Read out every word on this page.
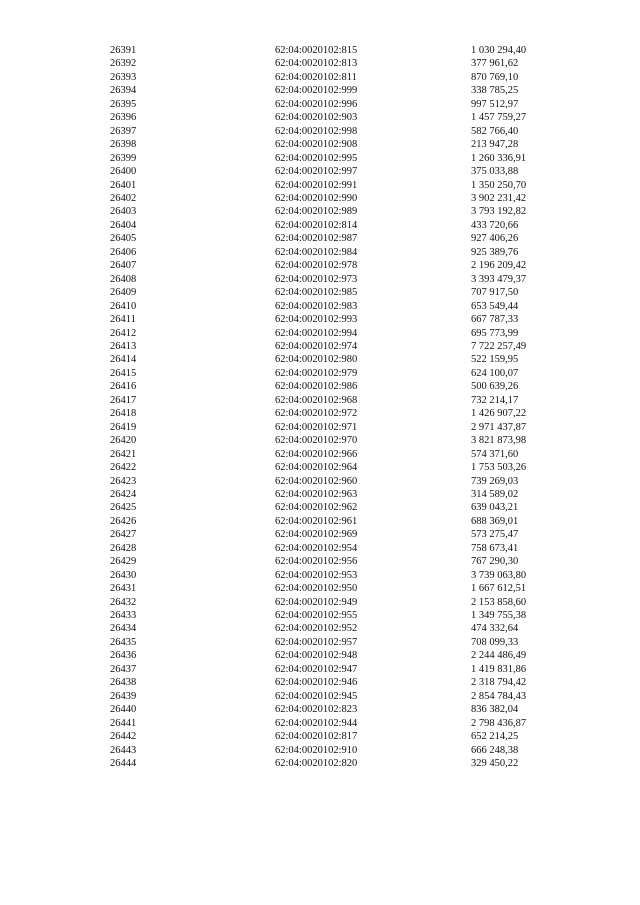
26391	62:04:0020102:815	1 030 294,40
26392	62:04:0020102:813	377 961,62
26393	62:04:0020102:811	870 769,10
26394	62:04:0020102:999	338 785,25
26395	62:04:0020102:996	997 512,97
26396	62:04:0020102:903	1 457 759,27
26397	62:04:0020102:998	582 766,40
26398	62:04:0020102:908	213 947,28
26399	62:04:0020102:995	1 260 336,91
26400	62:04:0020102:997	375 033,88
26401	62:04:0020102:991	1 350 250,70
26402	62:04:0020102:990	3 902 231,42
26403	62:04:0020102:989	3 793 192,82
26404	62:04:0020102:814	433 720,66
26405	62:04:0020102:987	927 406,26
26406	62:04:0020102:984	925 389,76
26407	62:04:0020102:978	2 196 209,42
26408	62:04:0020102:973	3 393 479,37
26409	62:04:0020102:985	707 917,50
26410	62:04:0020102:983	653 549,44
26411	62:04:0020102:993	667 787,33
26412	62:04:0020102:994	695 773,99
26413	62:04:0020102:974	7 722 257,49
26414	62:04:0020102:980	522 159,95
26415	62:04:0020102:979	624 100,07
26416	62:04:0020102:986	500 639,26
26417	62:04:0020102:968	732 214,17
26418	62:04:0020102:972	1 426 907,22
26419	62:04:0020102:971	2 971 437,87
26420	62:04:0020102:970	3 821 873,98
26421	62:04:0020102:966	574 371,60
26422	62:04:0020102:964	1 753 503,26
26423	62:04:0020102:960	739 269,03
26424	62:04:0020102:963	314 589,02
26425	62:04:0020102:962	639 043,21
26426	62:04:0020102:961	688 369,01
26427	62:04:0020102:969	573 275,47
26428	62:04:0020102:954	758 673,41
26429	62:04:0020102:956	767 290,30
26430	62:04:0020102:953	3 739 063,80
26431	62:04:0020102:950	1 667 612,51
26432	62:04:0020102:949	2 153 858,60
26433	62:04:0020102:955	1 349 755,38
26434	62:04:0020102:952	474 332,64
26435	62:04:0020102:957	708 099,33
26436	62:04:0020102:948	2 244 486,49
26437	62:04:0020102:947	1 419 831,86
26438	62:04:0020102:946	2 318 794,42
26439	62:04:0020102:945	2 854 784,43
26440	62:04:0020102:823	836 382,04
26441	62:04:0020102:944	2 798 436,87
26442	62:04:0020102:817	652 214,25
26443	62:04:0020102:910	666 248,38
26444	62:04:0020102:820	329 450,22
